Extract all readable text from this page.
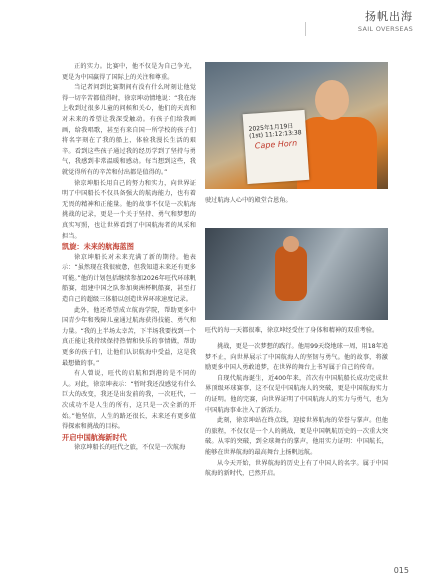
扬帆出海
SAIL OVERSEAS

正的实力。比赛中，他不仅是为自己争光，更是为中国赢得了国际上的关注和尊重。

当记者问到比赛期间有没有什么时刻让他觉得一切辛苦都值得时，徐京坤动情地说：“我在海上收到过很多儿童的问候和关心，他们的天真和对未来的希望让我深受触动。有孩子们给我画画，给我唱歌，甚至有来自国一所学校的孩子们将名字刻在了我的船上，体验我漫长生活的艰辛。看到这些孩子通过我的经历学到了坚持与勇气，我感到非常温暖和感动。每当想到这些，我就觉得所有的辛苦和付出都是值得的。”

徐京坤船长用自己的努力和实力，向世界证明了中国船长不仅具备强大的航海能力，也有着无畏的精神和正能量。他的故事不仅是一次航海挑战的记录，更是一个关于坚持、勇气和梦想的真实写照，也让世界看到了中国航海者的风采和担当。

凯旋：未来的航海蓝图

徐京坤船长对未来充满了新的期待。他表示：“虽然现在我很疲惫，但我知道未来还有更多可能。”他的计划包括继续参加2026年旺代环球帆船赛，组建中国之队参加奥洲杯帆船赛，甚至打造自己的超级三体船以创造世界环球速度记录。

此外，他还希望成立航海学院，帮助更多中国青少年和残障儿童通过航海获得技能、勇气和力量。“我的上半场太幸苦，下半场我要找到一个真正能让我持续保持热情和快乐的事情做，帮助更多的孩子们，让他们认识航海中受益，这是我最想做的事。”

有人曾说，旺代的启航和到港的是不同的人。对此，徐京坤表示：“暂时我还没感觉有什么巨大的改变，我还是出发前的我，一次旺代，一次成功不是人生的所有，这只是一次全新的开始。”他坚信，人生的路还很长，未来还有更多值得探索和挑战的目标。

开启中国航海新时代

徐京坤船长的旺代之旅，不仅是一次航海

2025年1月19日 (1st) 11:12:13:38
Cape Horn
驶过航海人心中的殿堂合恩角。
旺代的每一天都很难，徐京坤经受住了身体和精神的双重考验。

挑战，更是一次梦想的践行。他用99天绕地球一周，用18年追梦不止，向世界展示了中国航海人的坚韧与勇气。他的故事，将激励更多中国人勇敢追梦，在世界的舞台上书写属于自己的传奇。

自现代航海诞生，近400年来，首次有中国航船长成功完成世界顶级环球赛事，这不仅是中国航海人的突破，更是中国航海实力的证明。他的完赛，向世界证明了中国航海人的实力与勇气，也为中国航海事业注入了新活力。

此刻，徐京坤站在终点线，迎接世界航海的荣誉与掌声。但他的旅程，不仅仅是一个人的挑战，更是中国帆航历史的一次重大突破。从零的突破，到全球舞台的掌声，他用实力证明：中国航长，能够在世界航海的最高舞台上扬帆远航。

从今天开始，世界航海的历史上有了中国人的名字。属于中国航海的新时代，已然开启。

015
